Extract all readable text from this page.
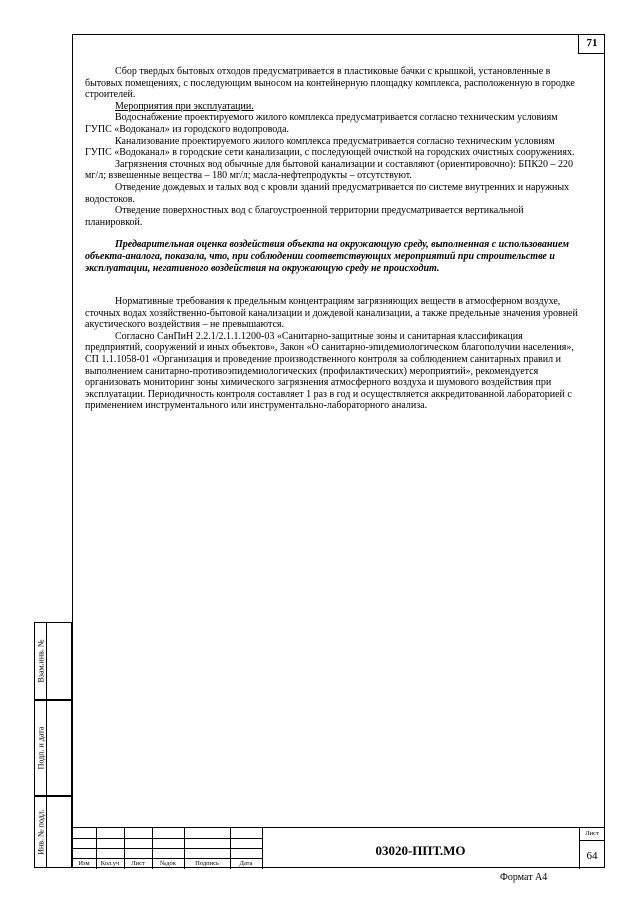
71

Сбор твердых бытовых отходов предусматривается в пластиковые бачки с крышкой, установленные в бытовых помещениях, с последующим выносом на контейнерную площадку комплекса, расположенную в городке строителей.

Мероприятия при эксплуатации.

Водоснабжение проектируемого жилого комплекса предусматривается согласно техническим условиям ГУПС «Водоканал» из городского водопровода.

Канализование проектируемого жилого комплекса предусматривается согласно техническим условиям ГУПС «Водоканал» в городские сети канализации, с последующей очисткой на городских очистных сооружениях.

Загрязнения сточных вод обычные для бытовой канализации и составляют (ориентировочно): БПК20 – 220 мг/л; взвешенные вещества – 180 мг/л; масла-нефтепродукты – отсутствуют.

Отведение дождевых и талых вод с кровли зданий предусматривается по системе внутренних и наружных водостоков.

Отведение поверхностных вод с благоустроенной территории предусматривается вертикальной планировкой.

Предварительная оценка воздействия объекта на окружающую среду, выполненная с использованием объекта-аналога, показала, что, при соблюдении соответствующих мероприятий при строительстве и эксплуатации, негативного воздействия на окружающую среду не происходит.

Нормативные требования к предельным концентрациям загрязняющих веществ в атмосферном воздухе, сточных водах хозяйственно-бытовой канализации и дождевой канализации, а также предельные значения уровней акустического воздействия – не превышаются.

Согласно СанПиН 2.2.1/2.1.1.1200-03 «Санитарно-защитные зоны и санитарная классификация предприятий, сооружений и иных объектов», Закон «О санитарно-эпидемиологическом благополучии населения», СП 1.1.1058-01 «Организация и проведение производственного контроля за соблюдением санитарных правил и выполнением санитарно-противоэпидемиологических (профилактических) мероприятий», рекомендуется организовать мониторинг зоны химического загрязнения атмосферного воздуха и шумового воздействия при эксплуатации. Периодичность контроля составляет 1 раз в год и осуществляется аккредитованной лабораторией с применением инструментального или инструментально-лабораторного анализа.

Взам.инв. №
Подп. и дата
Инв. № подл.
Изм	Кол.уч	Лист	№док	Подпись	Дата
03020-ППТ.МО
Лист
64
Формат А4
